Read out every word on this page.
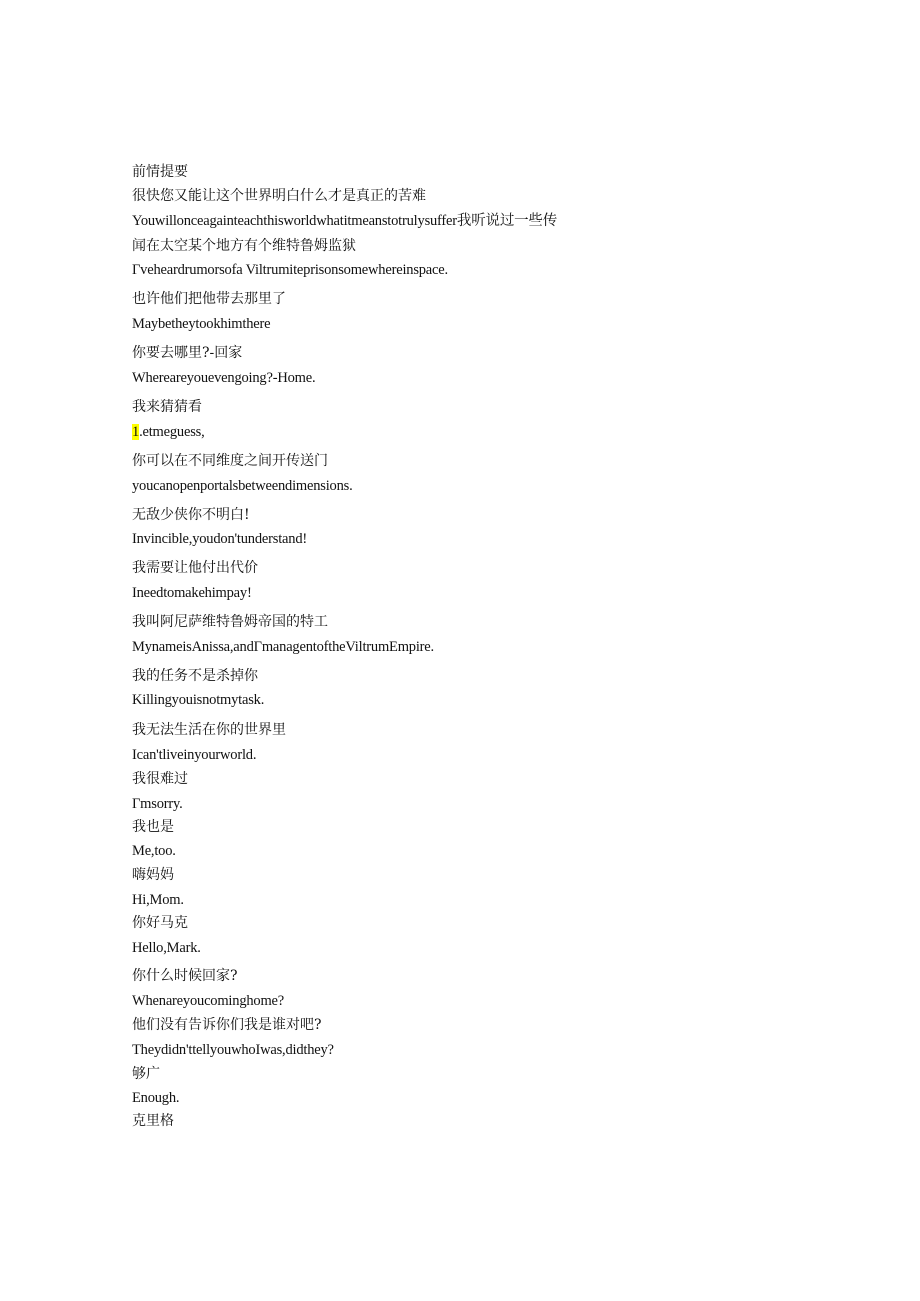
前情提要

很快您又能让这个世界明白什么才是真正的苦难

Youwillonceagainteachthisworldwhatitmeanstotrulysuffer我听说过一些传

闻在太空某个地方有个维特鲁姆监狱

Γveheardrumorsofa Viltrumiteprisonsomewhereinspace.

也许他们把他带去那里了

Maybetheytookhimthere

你要去哪里?-回家

Whereareyouevengoing?-Home.

我来猜猜看

1.etmeguess,

你可以在不同维度之间开传送门

youcanopenportalsbetweendimensions.

无敌少侠你不明白!

Invincible,youdon'tunderstand!

我需要让他付出代价

Ineedtomakehimpay!

我叫阿尼萨维特鲁姆帝国的特工

MynameisAnissa,andΓmanagentoftheViltrumEmpire.

我的任务不是杀掉你

Killingyouisnotmytask.

我无法生活在你的世界里

Ican'tliveinyourworld.

我很难过

Γmsorry.

我也是

Me,too.

嗨妈妈

Hi,Mom.

你好马克

Hello,Mark.

你什么时候回家?

Whenareyoucominghome?

他们没有告诉你们我是谁对吧?

Theydidn'ttellyouwhoIwas,didthey?

够广

Enough.

克里格
